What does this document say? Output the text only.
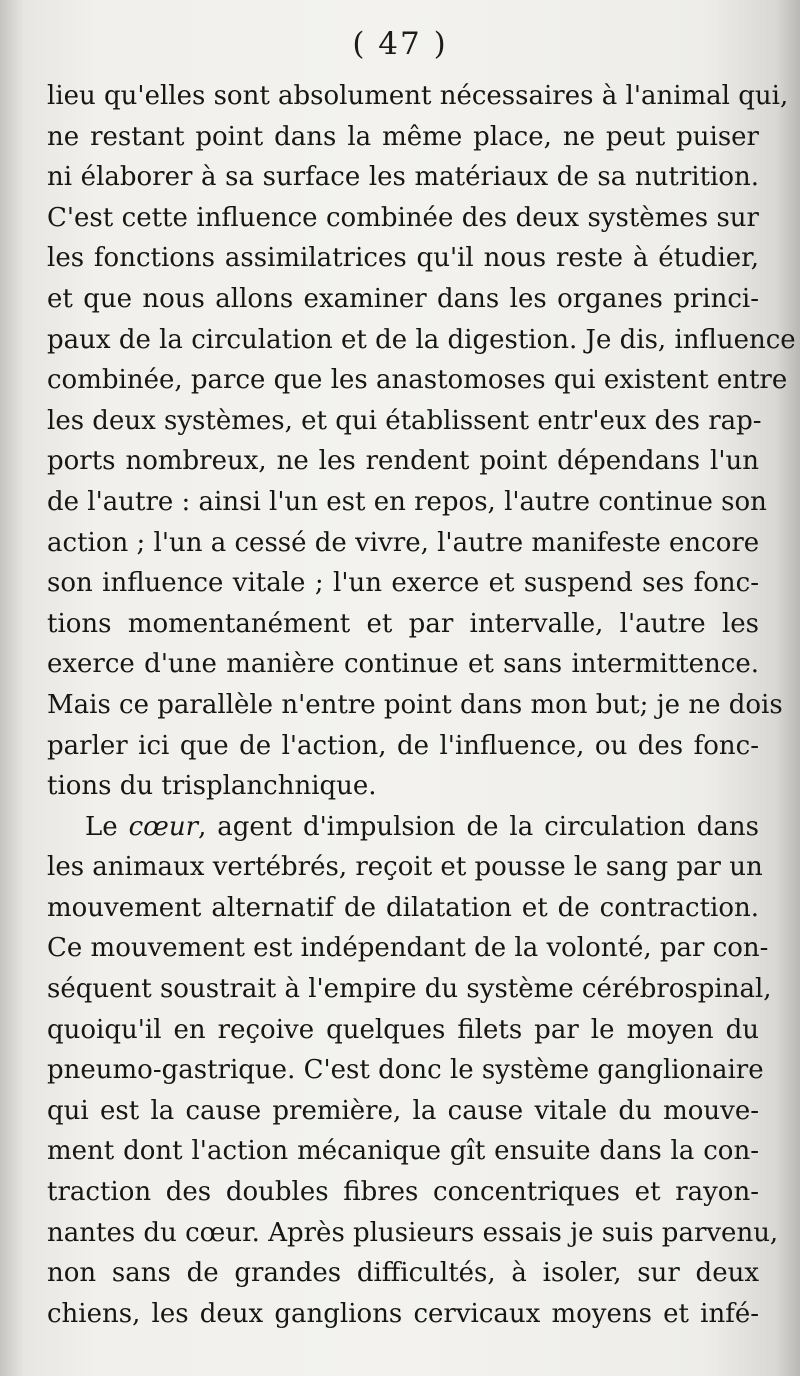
( 47 )
lieu qu'elles sont absolument nécessaires à l'animal qui,
ne restant point dans la même place, ne peut puiser
ni élaborer à sa surface les matériaux de sa nutrition.
C'est cette influence combinée des deux systèmes sur
les fonctions assimilatrices qu'il nous reste à étudier,
et que nous allons examiner dans les organes princi-
paux de la circulation et de la digestion. Je dis, influence
combinée, parce que les anastomoses qui existent entre
les deux systèmes, et qui établissent entr'eux des rap-
ports nombreux, ne les rendent point dépendans l'un
de l'autre : ainsi l'un est en repos, l'autre continue son
action ; l'un a cessé de vivre, l'autre manifeste encore
son influence vitale ; l'un exerce et suspend ses fonc-
tions momentanément et par intervalle, l'autre les
exerce d'une manière continue et sans intermittence.
Mais ce parallèle n'entre point dans mon but; je ne dois
parler ici que de l'action, de l'influence, ou des fonc-
tions du trisplanchnique.
Le cœur, agent d'impulsion de la circulation dans
les animaux vertébrés, reçoit et pousse le sang par un
mouvement alternatif de dilatation et de contraction.
Ce mouvement est indépendant de la volonté, par con-
séquent soustrait à l'empire du système cérébrospinal,
quoiqu'il en reçoive quelques filets par le moyen du
pneumo-gastrique. C'est donc le système ganglionaire
qui est la cause première, la cause vitale du mouve-
ment dont l'action mécanique gît ensuite dans la con-
traction des doubles fibres concentriques et rayon-
nantes du cœur. Après plusieurs essais je suis parvenu,
non sans de grandes difficultés, à isoler, sur deux
chiens, les deux ganglions cervicaux moyens et infé-
